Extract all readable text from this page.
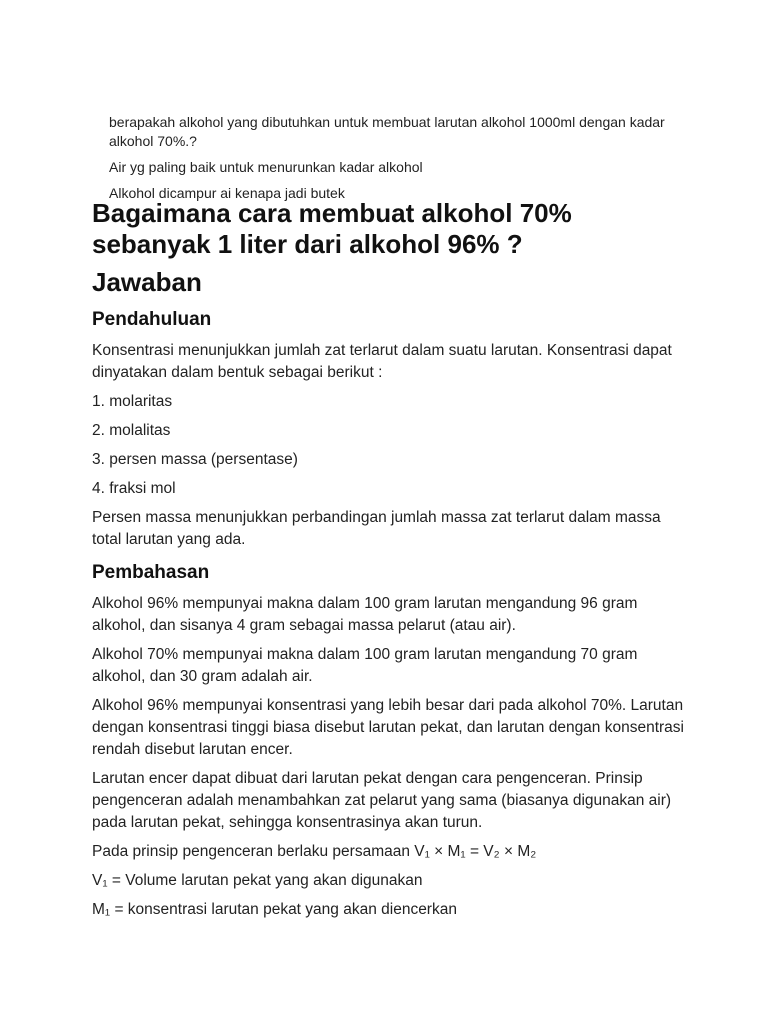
berapakah alkohol yang dibutuhkan untuk membuat larutan alkohol 1000ml dengan kadar alkohol 70%.?

Air yg paling baik untuk menurunkan kadar alkohol

Alkohol dicampur ai kenapa jadi butek

Bagaimana cara membuat alkohol 70% sebanyak 1 liter dari alkohol 96% ?
Jawaban
Pendahuluan

Konsentrasi menunjukkan jumlah zat terlarut dalam suatu larutan. Konsentrasi dapat dinyatakan dalam bentuk sebagai berikut :

1. molaritas

2. molalitas

3. persen massa (persentase)

4. fraksi mol

Persen massa menunjukkan perbandingan jumlah massa zat terlarut dalam massa total larutan yang ada.

Pembahasan

Alkohol 96% mempunyai makna dalam 100 gram larutan mengandung 96 gram alkohol, dan sisanya 4 gram sebagai massa pelarut (atau air).

Alkohol 70% mempunyai makna dalam 100 gram larutan mengandung 70 gram alkohol, dan 30 gram adalah air.

Alkohol 96% mempunyai konsentrasi yang lebih besar dari pada alkohol 70%. Larutan dengan konsentrasi tinggi biasa disebut larutan pekat, dan larutan dengan konsentrasi rendah disebut larutan encer.

Larutan encer dapat dibuat dari larutan pekat dengan cara pengenceran. Prinsip pengenceran adalah menambahkan zat pelarut yang sama (biasanya digunakan air) pada larutan pekat, sehingga konsentrasinya akan turun.

Pada prinsip pengenceran berlaku persamaan V₁ × M₁ = V₂ × M₂

V₁ = Volume larutan pekat yang akan digunakan

M₁ = konsentrasi larutan pekat yang akan diencerkan
